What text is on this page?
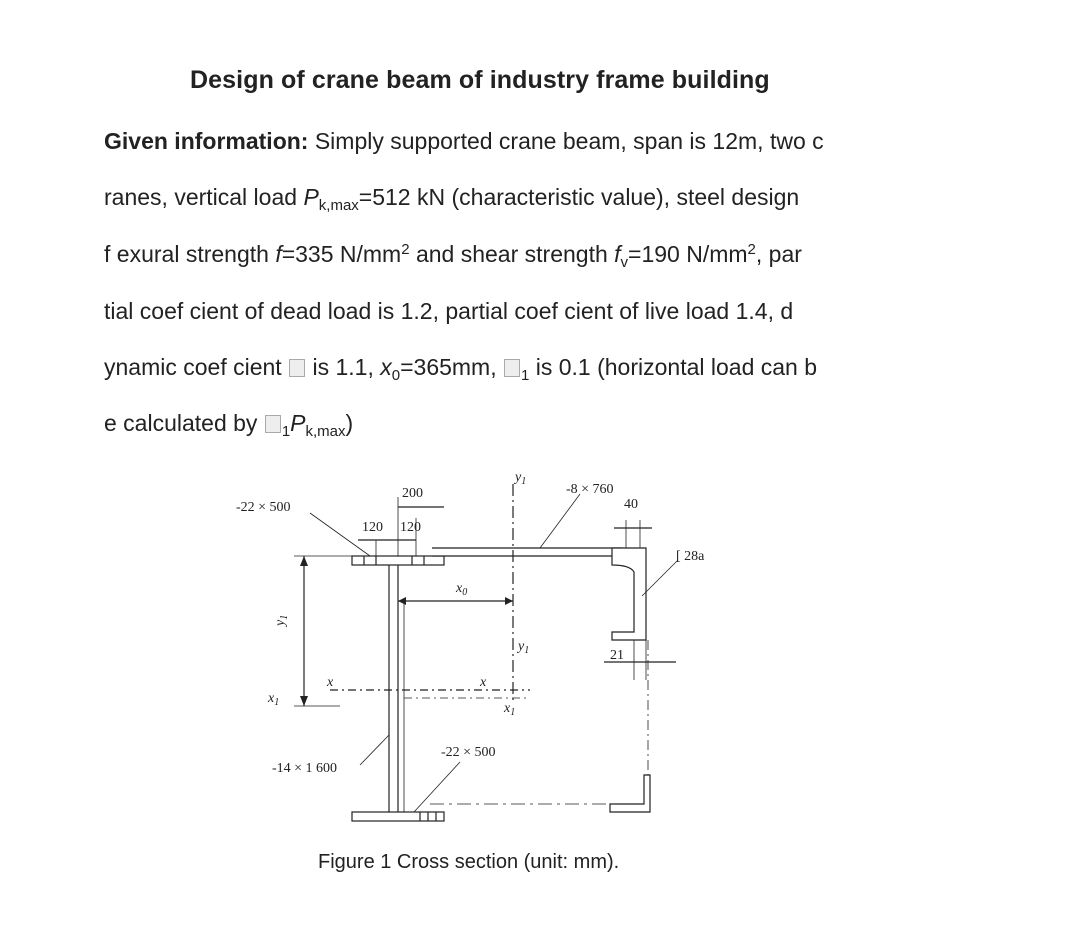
Design of crane beam of industry frame building
Given information: Simply supported crane beam, span is 12m, two c
ranes, vertical load $P_{k,max}=512$ kN (characteristic value), steel design
f exural strength f=335 $N/mm^2$ and shear strength $f_v=190$ $N/mm^2$, par
tial coef cient of dead load is 1.2, partial coef cient of live load 1.4, d
ynamic coef cient  is 1.1, $x_0=365mm$, $_1$ is 0.1 (horizontal load can b
e calculated by $_1P_{k,max}$)
-22 × 500
200
120 120
$y_1$
-8 × 760
40
[ 28a
$x_0$
$y_1$
$y_1$	21
x	x
$x_1$	$x_1$
-22 × 500
-14 × 1 600
Figure 1 Cross section (unit: mm).
